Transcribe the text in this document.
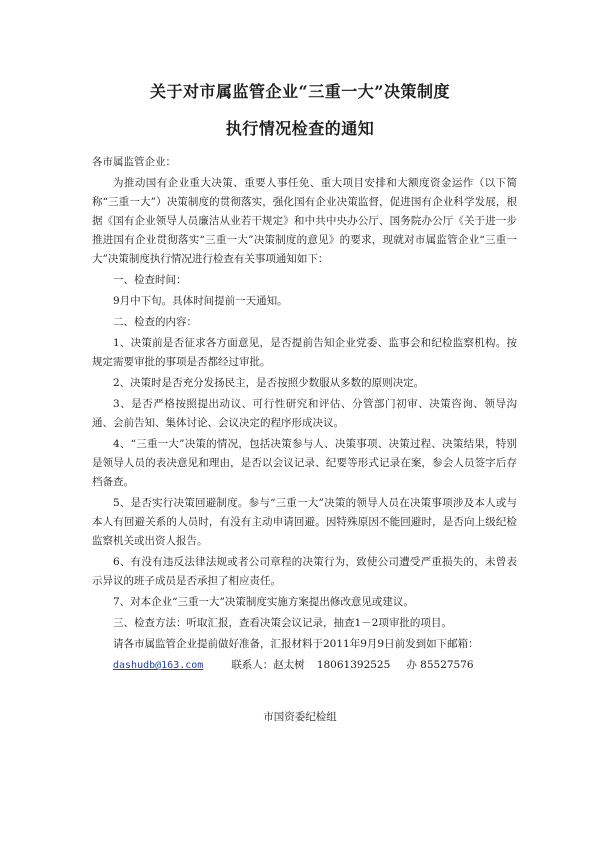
关于对市属监管企业“三重一大”决策制度
执行情况检查的通知

各市属监管企业：

为推动国有企业重大决策、重要人事任免、重大项目安排和大额度资金运作（以下简称“三重一大”）决策制度的贯彻落实，强化国有企业决策监督，促进国有企业科学发展，根据《国有企业领导人员廉洁从业若干规定》和中共中央办公厅、国务院办公厅《关于进一步推进国有企业贯彻落实“三重一大”决策制度的意见》的要求，现就对市属监管企业“三重一大”决策制度执行情况进行检查有关事项通知如下：

一、检查时间：

9月中下旬。具体时间提前一天通知。

二、检查的内容：

1、决策前是否征求各方面意见，是否提前告知企业党委、监事会和纪检监察机构。按规定需要审批的事项是否都经过审批。

2、决策时是否充分发扬民主，是否按照少数服从多数的原则决定。

3、是否严格按照提出动议、可行性研究和评估、分管部门初审、决策咨询、领导沟通、会前告知、集体讨论、会议决定的程序形成决议。

4、“三重一大”决策的情况，包括决策参与人、决策事项、决策过程、决策结果，特别是领导人员的表决意见和理由，是否以会议记录、纪要等形式记录在案，参会人员签字后存档备查。

5、是否实行决策回避制度。参与“三重一大”决策的领导人员在决策事项涉及本人或与本人有回避关系的人员时，有没有主动申请回避。因特殊原因不能回避时，是否向上级纪检监察机关或出资人报告。

6、有没有违反法律法规或者公司章程的决策行为，致使公司遭受严重损失的，未曾表示异议的班子成员是否承担了相应责任。

7、对本企业“三重一大”决策制度实施方案提出修改意见或建议。

三、检查方法：听取汇报，查看决策会议记录，抽查1－2项审批的项目。

请各市属监管企业提前做好准备，汇报材料于2011年9月9日前发到如下邮箱：

dashudb@163.com	联系人：赵太树 18061392525 办 85527576
市国资委纪检组
